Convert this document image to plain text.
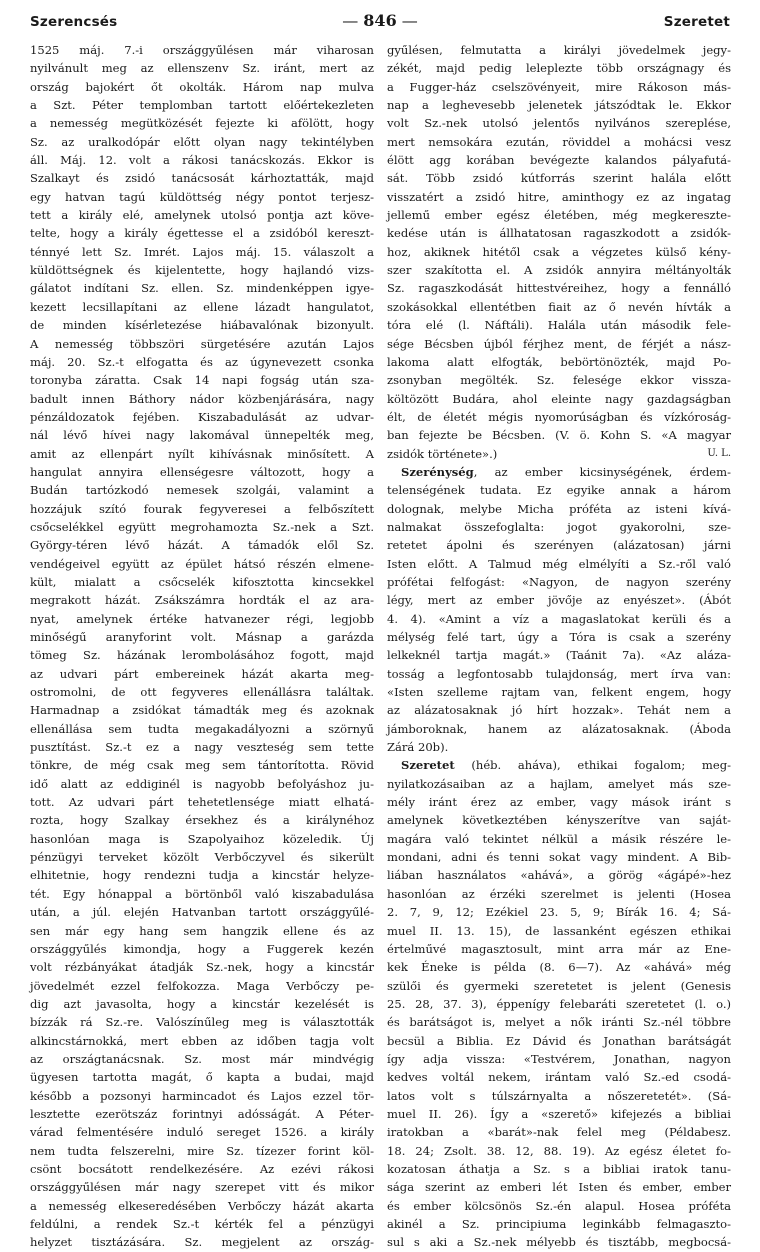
Szerencsés	— 846 —	Szeretet
1525 máj. 7.-i országgyűlésen már viharosan
nyilvánult meg az ellenszenv Sz. iránt, mert az
ország bajokért őt okolták. Három nap mulva
a Szt. Péter templomban tartott előértekezleten
a nemesség megütközését fejezte ki afölött, hogy
Sz. az uralkodópár előtt olyan nagy tekintélyben
áll. Máj. 12. volt a rákosi tanácskozás. Ekkor is
Szalkayt és zsidó tanácsosát kárhoztatták, majd
egy hatvan tagú küldöttség négy pontot terjesz-
tett a király elé, amelynek utolsó pontja azt köve-
telte, hogy a király égettesse el a zsidóból kereszt-
ténnyé lett Sz. Imrét. Lajos máj. 15. válaszolt a
küldöttségnek és kijelentette, hogy hajlandó vizs-
gálatot indítani Sz. ellen. Sz. mindenképpen igye-
kezett lecsillapítani az ellene lázadt hangulatot,
de minden kísérletezése hiábavalónak bizonyult.
A nemesség többszöri sürgetésére azután Lajos
máj. 20. Sz.-t elfogatta és az úgynevezett csonka
toronyba záratta. Csak 14 napi fogság után sza-
badult innen Báthory nádor közbenjárására, nagy
pénzáldozatok fejében. Kiszabadulását az udvar-
nál lévő hívei nagy lakomával ünnepelték meg,
amit az ellenpárt nyílt kihívásnak minősített. A
hangulat annyira ellenségesre változott, hogy a
Budán tartózkodó nemesek szolgái, valamint a
hozzájuk szító fourak fegyveresei a felbőszített
csőcselékkel együtt megrohamozta Sz.-nek a Szt.
György-téren lévő házát. A támadók elől Sz.
vendégeivel együtt az épület hátsó részén elmene-
kült, mialatt a csőcselék kifosztotta kincsekkel
megrakott házát. Zsákszámra hordták el az ara-
nyat, amelynek értéke hatvanezer régi, legjobb
minőségű aranyforint volt. Másnap a garázda
tömeg Sz. házának lerombolásához fogott, majd
az udvari párt embereinek házát akarta meg-
ostromolni, de ott fegyveres ellenállásra találtak.
Harmadnap a zsidókat támadták meg és azoknak
ellenállása sem tudta megakadályozni a szörnyű
pusztítást. Sz.-t ez a nagy veszteség sem tette
tönkre, de még csak meg sem tántorította. Rövid
idő alatt az eddiginél is nagyobb befolyáshoz ju-
tott. Az udvari párt tehetetlensége miatt elhatá-
rozta, hogy Szalkay érsekhez és a királynéhoz
hasonlóan maga is Szapolyaihoz közeledik. Új
pénzügyi terveket közölt Verbőczyvel és sikerült
elhitetnie, hogy rendezni tudja a kincstár helyze-
tét. Egy hónappal a börtönből való kiszabadulása
után, a júl. elején Hatvanban tartott országgyűlé-
sen már egy hang sem hangzik ellene és az
országgyűlés kimondja, hogy a Fuggerek kezén
volt rézbányákat átadják Sz.-nek, hogy a kincstár
jövedelmét ezzel felfokozza. Maga Verbőczy pe-
dig azt javasolta, hogy a kincstár kezelését is
bízzák rá Sz.-re. Valószínűleg meg is választották
alkincstárnokká, mert ebben az időben tagja volt
az országtanácsnak. Sz. most már mindvégig
ügyesen tartotta magát, ő kapta a budai, majd
később a pozsonyi harmincadot és Lajos ezzel tör-
lesztette ezerötszáz forintnyi adósságát. A Péter-
várad felmentésére induló sereget 1526. a király
nem tudta felszerelni, mire Sz. tízezer forint köl-
csönt bocsátott rendelkezésére. Az ezévi rákosi
országgyűlésen már nagy szerepet vitt és mikor
a nemesség elkeseredésében Verbőczy házát akarta
feldúlni, a rendek Sz.-t kérték fel a pénzügyi
helyzet tisztázására. Sz. megjelent az ország-
gyűlésen, felmutatta a királyi jövedelmek jegy-
zékét, majd pedig leleplezte több országnagy és
a Fugger-ház cselszövényeit, mire Rákoson más-
nap a leghevesebb jelenetek játszódtak le. Ekkor
volt Sz.-nek utolsó jelentős nyilvános szereplése,
mert nemsokára ezután, röviddel a mohácsi vesz
élött agg korában bevégezte kalandos pályafutá-
sát. Több zsidó kútforrás szerint halála előtt
visszatért a zsidó hitre, aminthogy ez az ingatag
jellemű ember egész életében, még megkereszte-
kedése után is állhatatosan ragaszkodott a zsidók-
hoz, akiknek hitétől csak a végzetes külső kény-
szer szakította el. A zsidók annyira méltányolták
Sz. ragaszkodását hittestvéreihez, hogy a fennálló
szokásokkal ellentétben fiait az ő nevén hívták a
tóra elé (l. Náftáli). Halála után második fele-
sége Bécsben újból férjhez ment, de férjét a nász-
lakoma alatt elfogták, bebörtönözték, majd Po-
zsonyban megölték. Sz. felesége ekkor vissza-
költözött Budára, ahol eleinte nagy gazdagságban
élt, de életét mégis nyomorúságban és vízkóroság-
ban fejezte be Bécsben. (V. ö. Kohn S. «A magyar
U. L.
zsidók története».)
Szerénység, az ember kicsinységének, érdem-
telenségének tudata. Ez egyike annak a három
dolognak, melybe Micha próféta az isteni kívá-
nalmakat összefoglalta: jogot gyakorolni, sze-
retetet ápolni és szerényen (alázatosan) járni
Isten előtt. A Talmud még elmélyíti a Sz.-ről való
prófétai felfogást: «Nagyon, de nagyon szerény
légy, mert az ember jövője az enyészet». (Ábót
4. 4). «Amint a víz a magaslatokat kerüli és a
mélység felé tart, úgy a Tóra is csak a szerény
lelkeknél tartja magát.» (Taánit 7a). «Az aláza-
tosság a legfontosabb tulajdonság, mert írva van:
«Isten szelleme rajtam van, felkent engem, hogy
az alázatosaknak jó hírt hozzak». Tehát nem a
jámboroknak, hanem az alázatosaknak. (Áboda
Zárá 20b).
Szeretet (héb. aháva), ethikai fogalom; meg-
nyilatkozásaiban az a hajlam, amelyet más sze-
mély iránt érez az ember, vagy mások iránt s
amelynek következtében kényszerítve van saját-
magára való tekintet nélkül a másik részére le-
mondani, adni és tenni sokat vagy mindent. A Bib-
liában használatos «ahává», a görög «ágápé»-hez
hasonlóan az érzéki szerelmet is jelenti (Hosea
2. 7, 9, 12; Ezékiel 23. 5, 9; Bírák 16. 4; Sá-
muel II. 13. 15), de lassanként egészen ethikai
értelművé magasztosult, mint arra már az Ene-
kek Éneke is példa (8. 6—7). Az «ahává» még
szülői és gyermeki szeretetet is jelent (Genesis
25. 28, 37. 3), éppenígy felebaráti szeretetet (l. o.)
és barátságot is, melyet a nők iránti Sz.-nél többre
becsül a Biblia. Ez Dávid és Jonathan barátságát
így adja vissza: «Testvérem, Jonathan, nagyon
kedves voltál nekem, irántam való Sz.-ed csodá-
latos volt s túlszárnyalta a nőszeretetét». (Sá-
muel II. 26). Így a «szerető» kifejezés a bibliai
iratokban a «barát»-nak felel meg (Példabesz.
18. 24; Zsolt. 38. 12, 88. 19). Az egész életet fo-
kozatosan áthatja a Sz. s a bibliai iratok tanu-
sága szerint az emberi lét Isten és ember, ember
és ember kölcsönös Sz.-én alapul. Hosea próféta
akinél a Sz. principiuma leginkább felmagaszto-
sul s aki a Sz.-nek mélyebb és tisztább, megbocsá-
